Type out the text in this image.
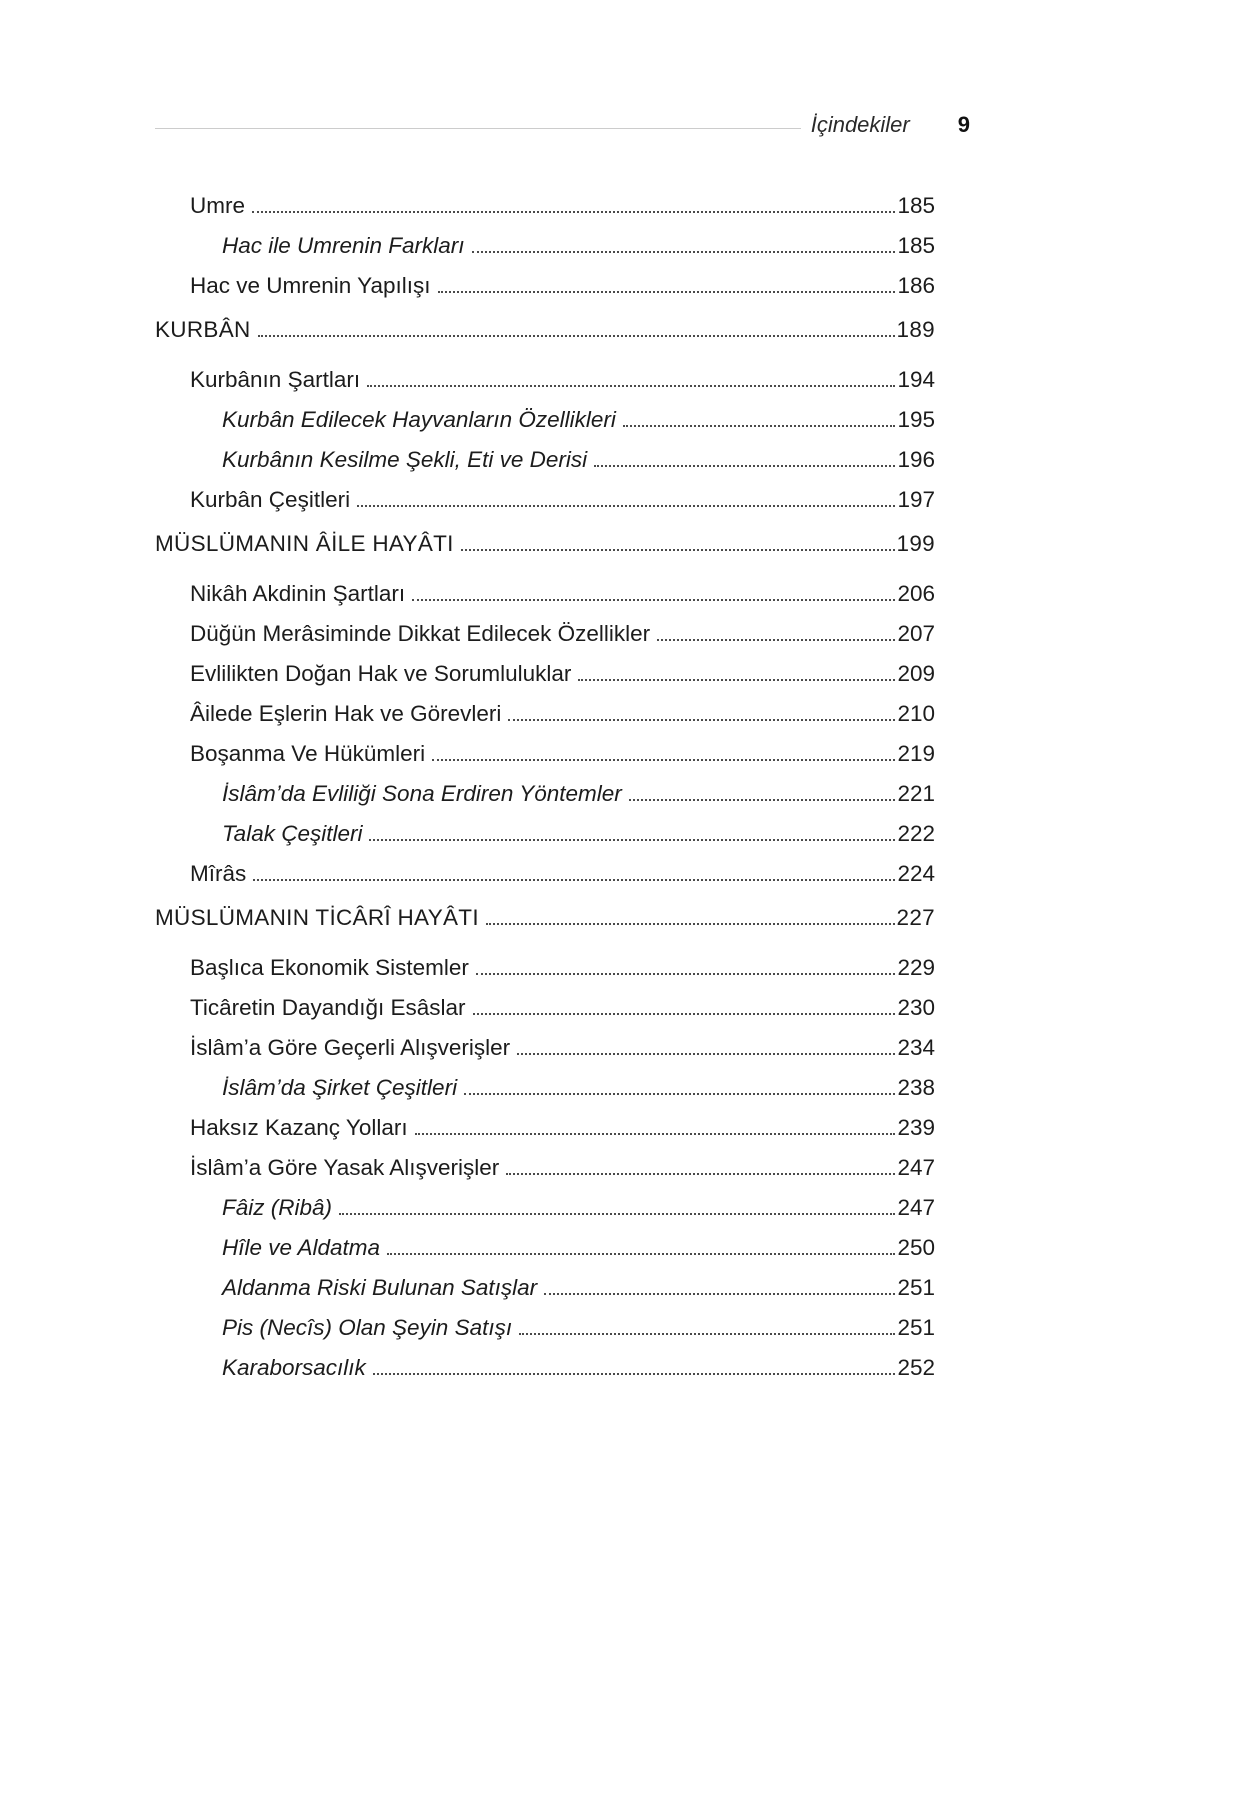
İçindekiler 9
Umre	185
Hac ile Umrenin Farkları	185
Hac ve Umrenin Yapılışı	186
KURBÂN	189
Kurbânın Şartları	194
Kurbân Edilecek Hayvanların Özellikleri	195
Kurbânın Kesilme Şekli, Eti ve Derisi	196
Kurbân Çeşitleri	197
MÜSLÜMANIN ÂİLE HAYÂTI	199
Nikâh Akdinin Şartları	206
Düğün Merâsiminde Dikkat Edilecek Özellikler	207
Evlilikten Doğan Hak ve Sorumluluklar	209
Âilede Eşlerin Hak ve Görevleri	210
Boşanma Ve Hükümleri	219
İslâm’da Evliliği Sona Erdiren Yöntemler	221
Talak Çeşitleri	222
Mîrâs	224
MÜSLÜMANIN TİCÂRÎ HAYÂTI	227
Başlıca Ekonomik Sistemler	229
Ticâretin Dayandığı Esâslar	230
İslâm’a Göre Geçerli Alışverişler	234
İslâm’da Şirket Çeşitleri	238
Haksız Kazanç Yolları	239
İslâm’a Göre Yasak Alışverişler	247
Fâiz (Ribâ)	247
Hîle ve Aldatma	250
Aldanma Riski Bulunan Satışlar	251
Pis (Necîs) Olan Şeyin Satışı	251
Karaborsacılık	252
